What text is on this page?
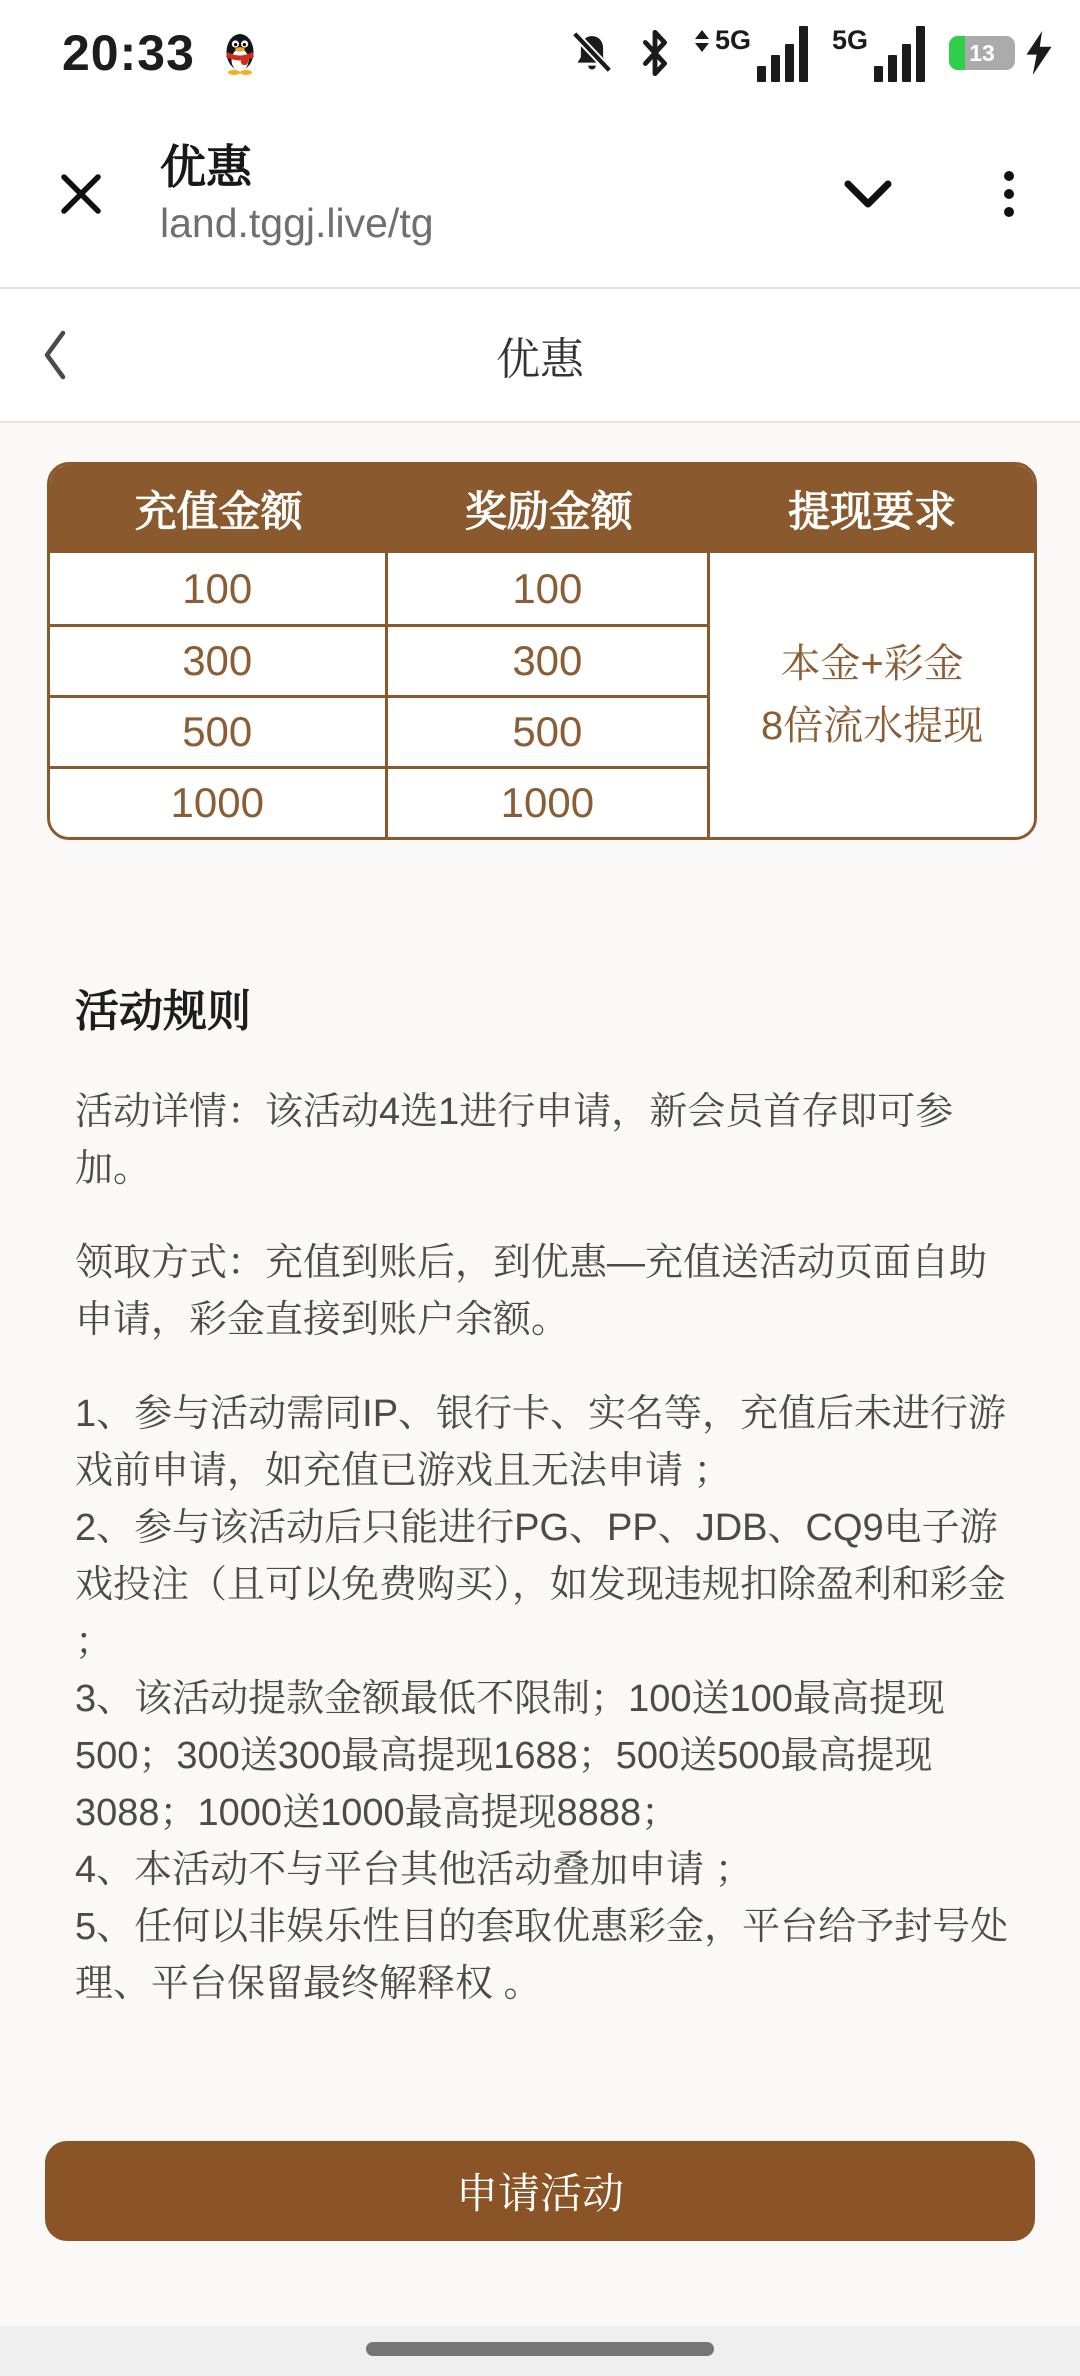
20:33	5G	5G	13
优惠
land.tggj.live/tg
优惠
充值金额	奖励金额	提现要求
100	100
本金+彩金
8倍流水提现
300	300
500	500
1000	1000
活动规则

活动详情：该活动4选1进行申请，新会员首存即可参加。

领取方式：充值到账后，到优惠—充值送活动页面自助申请，彩金直接到账户余额。

1、参与活动需同IP、银行卡、实名等，充值后未进行游戏前申请，如充值已游戏且无法申请 ；

2、参与该活动后只能进行PG、PP、JDB、CQ9电子游戏投注（且可以免费购买），如发现违规扣除盈利和彩金 ；

3、该活动提款金额最低不限制；100送100最高提现500；300送300最高提现1688；500送500最高提现3088；1000送1000最高提现8888；

4、本活动不与平台其他活动叠加申请 ；

5、任何以非娱乐性目的套取优惠彩金，平台给予封号处理、平台保留最终解释权 。

申请活动
